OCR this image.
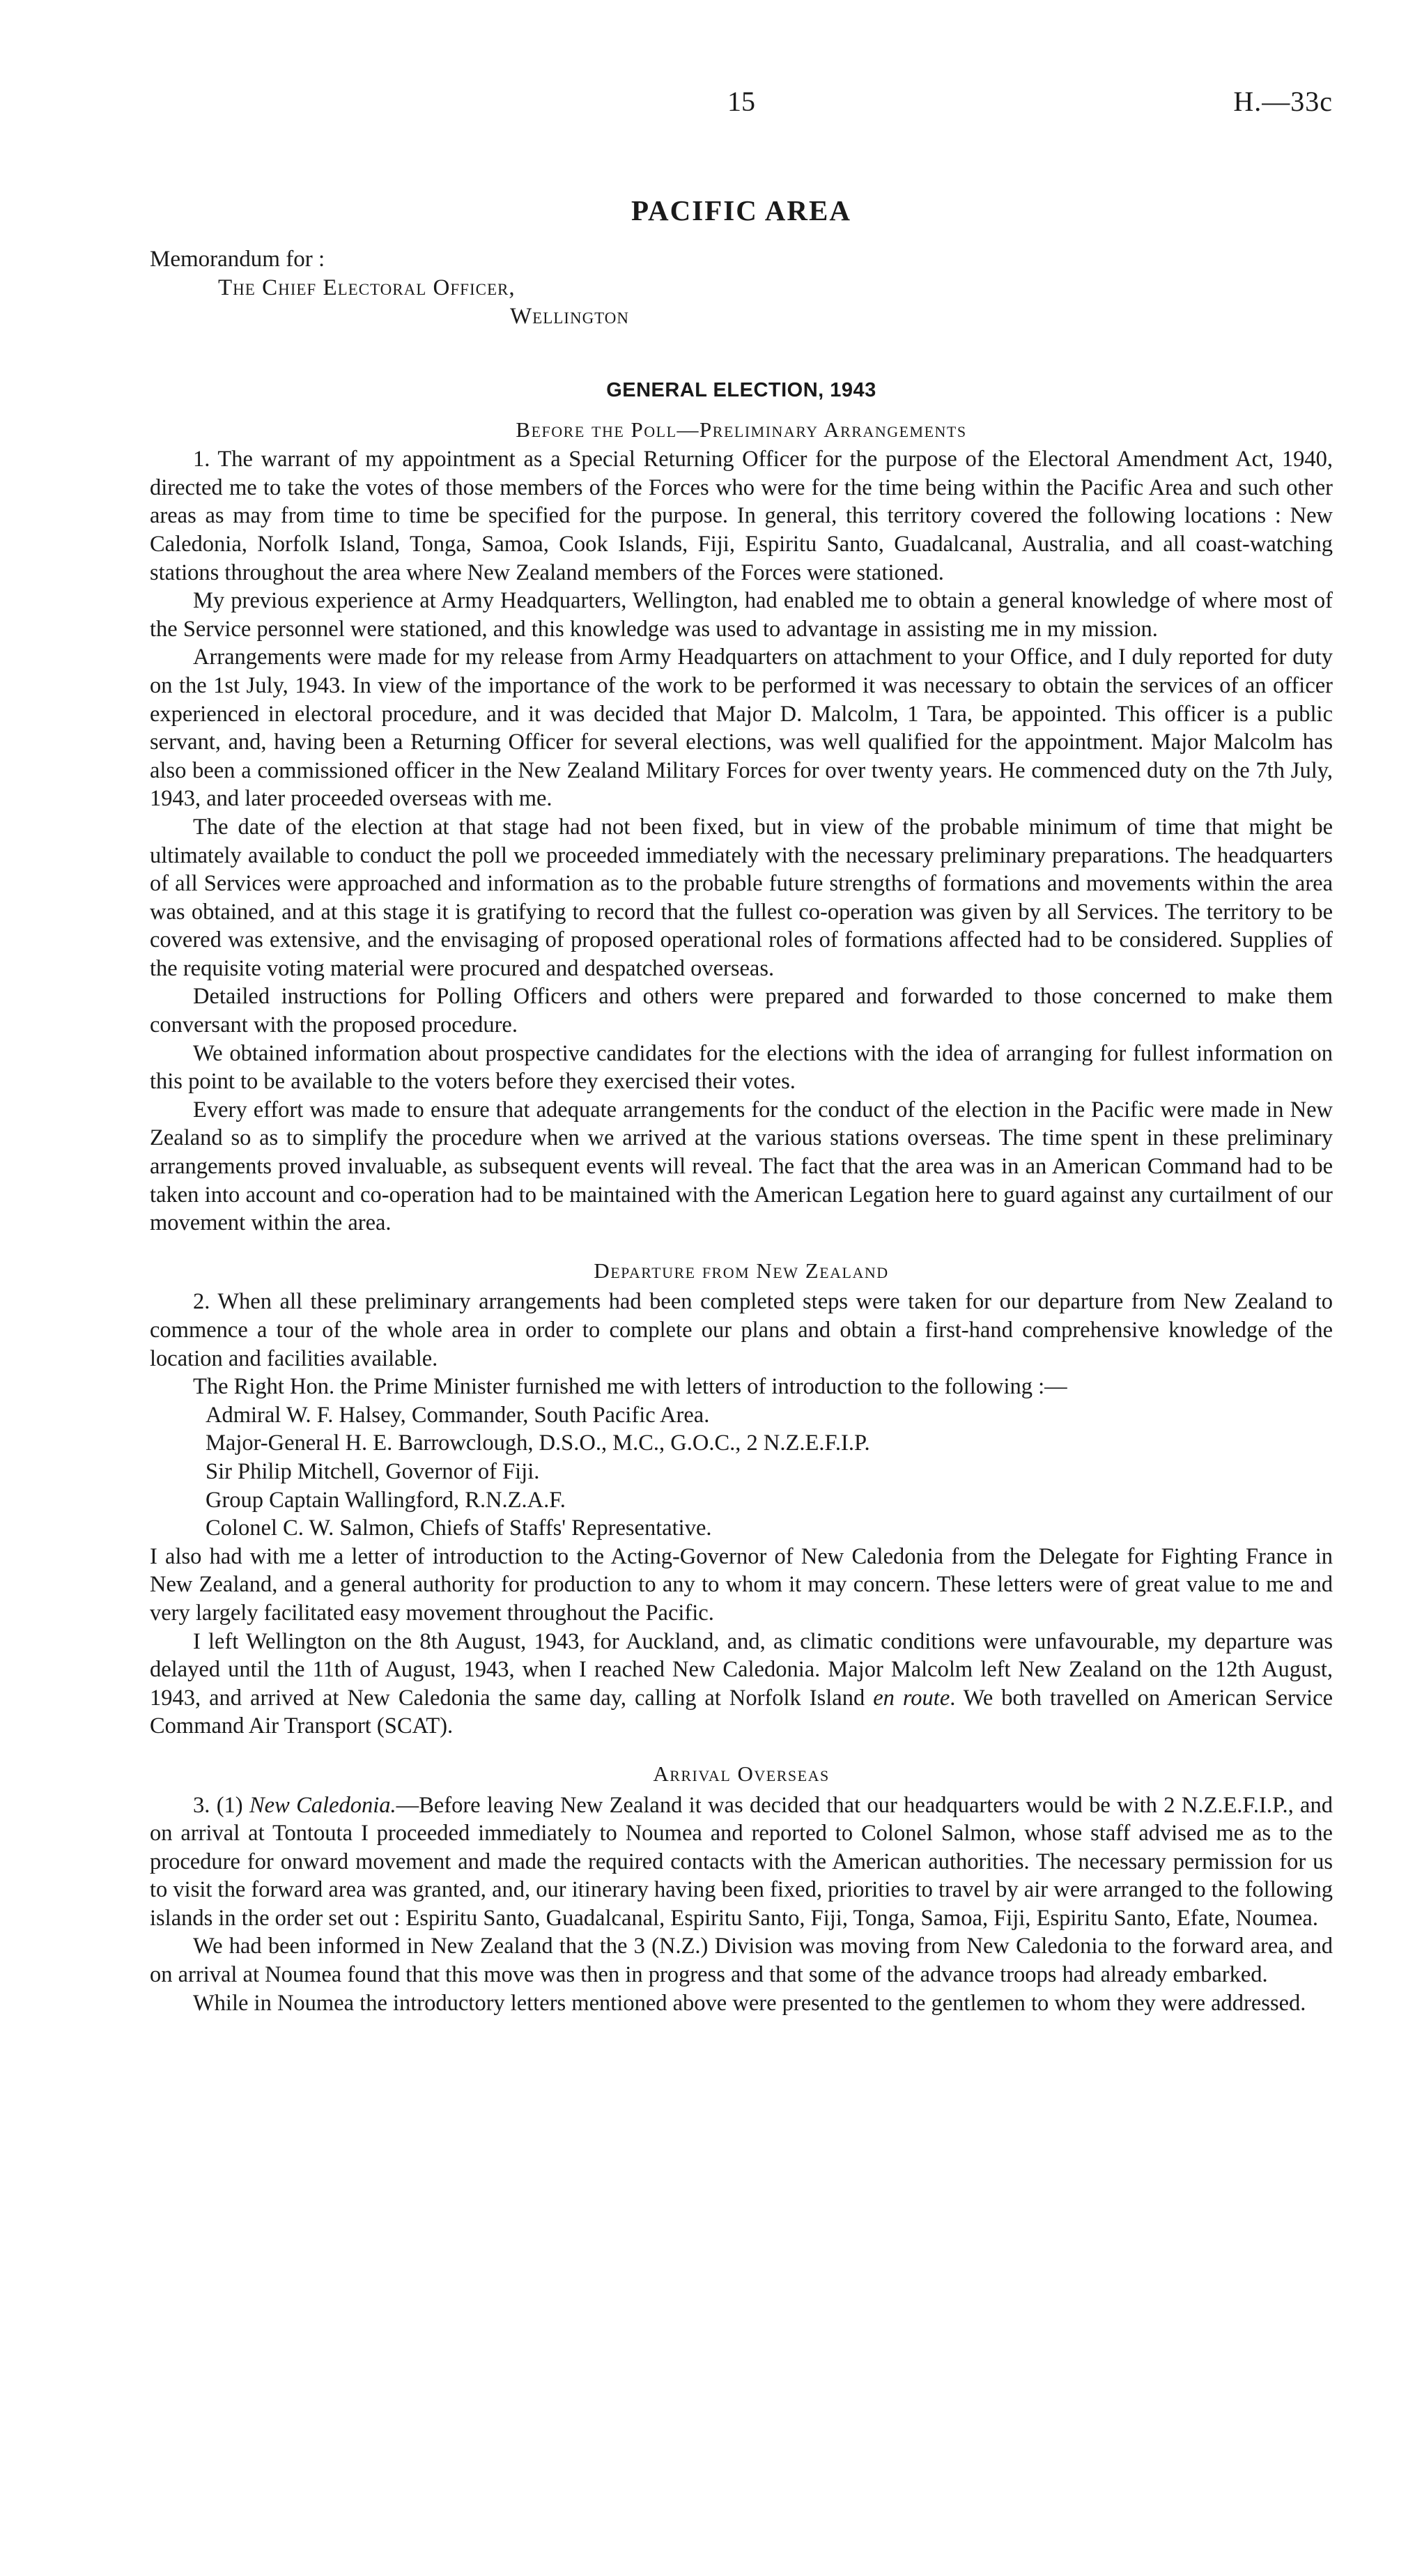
15	H.—33c
PACIFIC AREA
Memorandum for :
The Chief Electoral Officer,
Wellington
GENERAL ELECTION, 1943
Before the Poll—Preliminary Arrangements

1. The warrant of my appointment as a Special Returning Officer for the purpose of the Electoral Amendment Act, 1940, directed me to take the votes of those members of the Forces who were for the time being within the Pacific Area and such other areas as may from time to time be specified for the purpose. In general, this territory covered the following locations : New Caledonia, Norfolk Island, Tonga, Samoa, Cook Islands, Fiji, Espiritu Santo, Guadalcanal, Australia, and all coast-watching stations throughout the area where New Zealand members of the Forces were stationed.

My previous experience at Army Headquarters, Wellington, had enabled me to obtain a general knowledge of where most of the Service personnel were stationed, and this knowledge was used to advantage in assisting me in my mission.

Arrangements were made for my release from Army Headquarters on attachment to your Office, and I duly reported for duty on the 1st July, 1943. In view of the importance of the work to be performed it was necessary to obtain the services of an officer experienced in electoral procedure, and it was decided that Major D. Malcolm, 1 Tara, be appointed. This officer is a public servant, and, having been a Returning Officer for several elections, was well qualified for the appointment. Major Malcolm has also been a commissioned officer in the New Zealand Military Forces for over twenty years. He commenced duty on the 7th July, 1943, and later proceeded overseas with me.

The date of the election at that stage had not been fixed, but in view of the probable minimum of time that might be ultimately available to conduct the poll we proceeded immediately with the necessary preliminary preparations. The headquarters of all Services were approached and information as to the probable future strengths of formations and movements within the area was obtained, and at this stage it is gratifying to record that the fullest co-operation was given by all Services. The territory to be covered was extensive, and the envisaging of proposed operational roles of formations affected had to be considered. Supplies of the requisite voting material were procured and despatched overseas.

Detailed instructions for Polling Officers and others were prepared and forwarded to those concerned to make them conversant with the proposed procedure.

We obtained information about prospective candidates for the elections with the idea of arranging for fullest information on this point to be available to the voters before they exercised their votes.

Every effort was made to ensure that adequate arrangements for the conduct of the election in the Pacific were made in New Zealand so as to simplify the procedure when we arrived at the various stations overseas. The time spent in these preliminary arrangements proved invaluable, as subsequent events will reveal. The fact that the area was in an American Command had to be taken into account and co-operation had to be maintained with the American Legation here to guard against any curtailment of our movement within the area.

Departure from New Zealand

2. When all these preliminary arrangements had been completed steps were taken for our departure from New Zealand to commence a tour of the whole area in order to complete our plans and obtain a first-hand comprehensive knowledge of the location and facilities available.

The Right Hon. the Prime Minister furnished me with letters of introduction to the following :—

Admiral W. F. Halsey, Commander, South Pacific Area.
Major-General H. E. Barrowclough, D.S.O., M.C., G.O.C., 2 N.Z.E.F.I.P.
Sir Philip Mitchell, Governor of Fiji.
Group Captain Wallingford, R.N.Z.A.F.
Colonel C. W. Salmon, Chiefs of Staffs' Representative.

I also had with me a letter of introduction to the Acting-Governor of New Caledonia from the Delegate for Fighting France in New Zealand, and a general authority for production to any to whom it may concern. These letters were of great value to me and very largely facilitated easy movement throughout the Pacific.

I left Wellington on the 8th August, 1943, for Auckland, and, as climatic conditions were unfavourable, my departure was delayed until the 11th of August, 1943, when I reached New Caledonia. Major Malcolm left New Zealand on the 12th August, 1943, and arrived at New Caledonia the same day, calling at Norfolk Island en route. We both travelled on American Service Command Air Transport (SCAT).

Arrival Overseas

3. (1) New Caledonia.—Before leaving New Zealand it was decided that our headquarters would be with 2 N.Z.E.F.I.P., and on arrival at Tontouta I proceeded immediately to Noumea and reported to Colonel Salmon, whose staff advised me as to the procedure for onward movement and made the required contacts with the American authorities. The necessary permission for us to visit the forward area was granted, and, our itinerary having been fixed, priorities to travel by air were arranged to the following islands in the order set out : Espiritu Santo, Guadalcanal, Espiritu Santo, Fiji, Tonga, Samoa, Fiji, Espiritu Santo, Efate, Noumea.

We had been informed in New Zealand that the 3 (N.Z.) Division was moving from New Caledonia to the forward area, and on arrival at Noumea found that this move was then in progress and that some of the advance troops had already embarked.

While in Noumea the introductory letters mentioned above were presented to the gentlemen to whom they were addressed.
